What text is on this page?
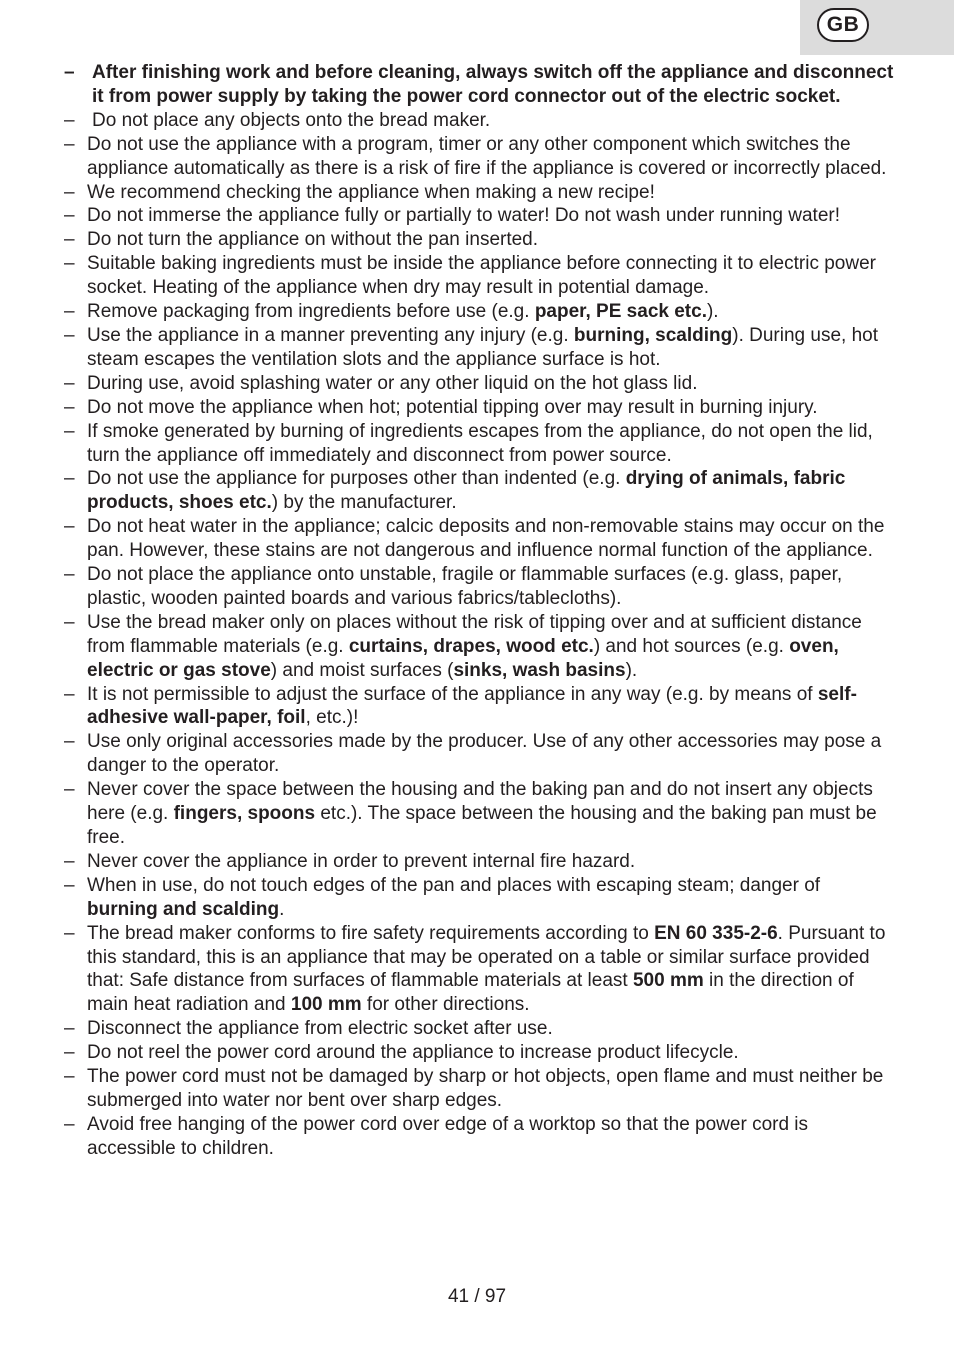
GB
– After finishing work and before cleaning, always switch off the appliance and disconnect it from power supply by taking the power cord connector out of the electric socket.
– Do not place any objects onto the bread maker.
– Do not use the appliance with a program, timer or any other component which switches the appliance automatically as there is a risk of fire if the appliance is covered or incorrectly placed.
– We recommend checking the appliance when making a new recipe!
– Do not immerse the appliance fully or partially to water! Do not wash under running water!
– Do not turn the appliance on without the pan inserted.
– Suitable baking ingredients must be inside the appliance before connecting it to electric power socket. Heating of the appliance when dry may result in potential damage.
– Remove packaging from ingredients before use (e.g. paper, PE sack etc.).
– Use the appliance in a manner preventing any injury (e.g. burning, scalding). During use, hot steam escapes the ventilation slots and the appliance surface is hot.
– During use, avoid splashing water or any other liquid on the hot glass lid.
– Do not move the appliance when hot; potential tipping over may result in burning injury.
– If smoke generated by burning of ingredients escapes from the appliance, do not open the lid, turn the appliance off immediately and disconnect from power source.
– Do not use the appliance for purposes other than indented (e.g. drying of animals, fabric products, shoes etc.) by the manufacturer.
– Do not heat water in the appliance; calcic deposits and non-removable stains may occur on the pan. However, these stains are not dangerous and influence normal function of the appliance.
– Do not place the appliance onto unstable, fragile or flammable surfaces (e.g. glass, paper, plastic, wooden painted boards and various fabrics/tablecloths).
– Use the bread maker only on places without the risk of tipping over and at sufficient distance from flammable materials (e.g. curtains, drapes, wood etc.) and hot sources (e.g. oven, electric or gas stove) and moist surfaces (sinks, wash basins).
– It is not permissible to adjust the surface of the appliance in any way (e.g. by means of self-adhesive wall-paper, foil, etc.)!
– Use only original accessories made by the producer. Use of any other accessories may pose a danger to the operator.
– Never cover the space between the housing and the baking pan and do not insert any objects here (e.g. fingers, spoons etc.). The space between the housing and the baking pan must be free.
– Never cover the appliance in order to prevent internal fire hazard.
– When in use, do not touch edges of the pan and places with escaping steam; danger of burning and scalding.
– The bread maker conforms to fire safety requirements according to EN 60 335-2-6. Pursuant to this standard, this is an appliance that may be operated on a table or similar surface provided that: Safe distance from surfaces of flammable materials at least 500 mm in the direction of main heat radiation and 100 mm for other directions.
– Disconnect the appliance from electric socket after use.
– Do not reel the power cord around the appliance to increase product lifecycle.
– The power cord must not be damaged by sharp or hot objects, open flame and must neither be submerged into water nor bent over sharp edges.
– Avoid free hanging of the power cord over edge of a worktop so that the power cord is accessible to children.
41 / 97
